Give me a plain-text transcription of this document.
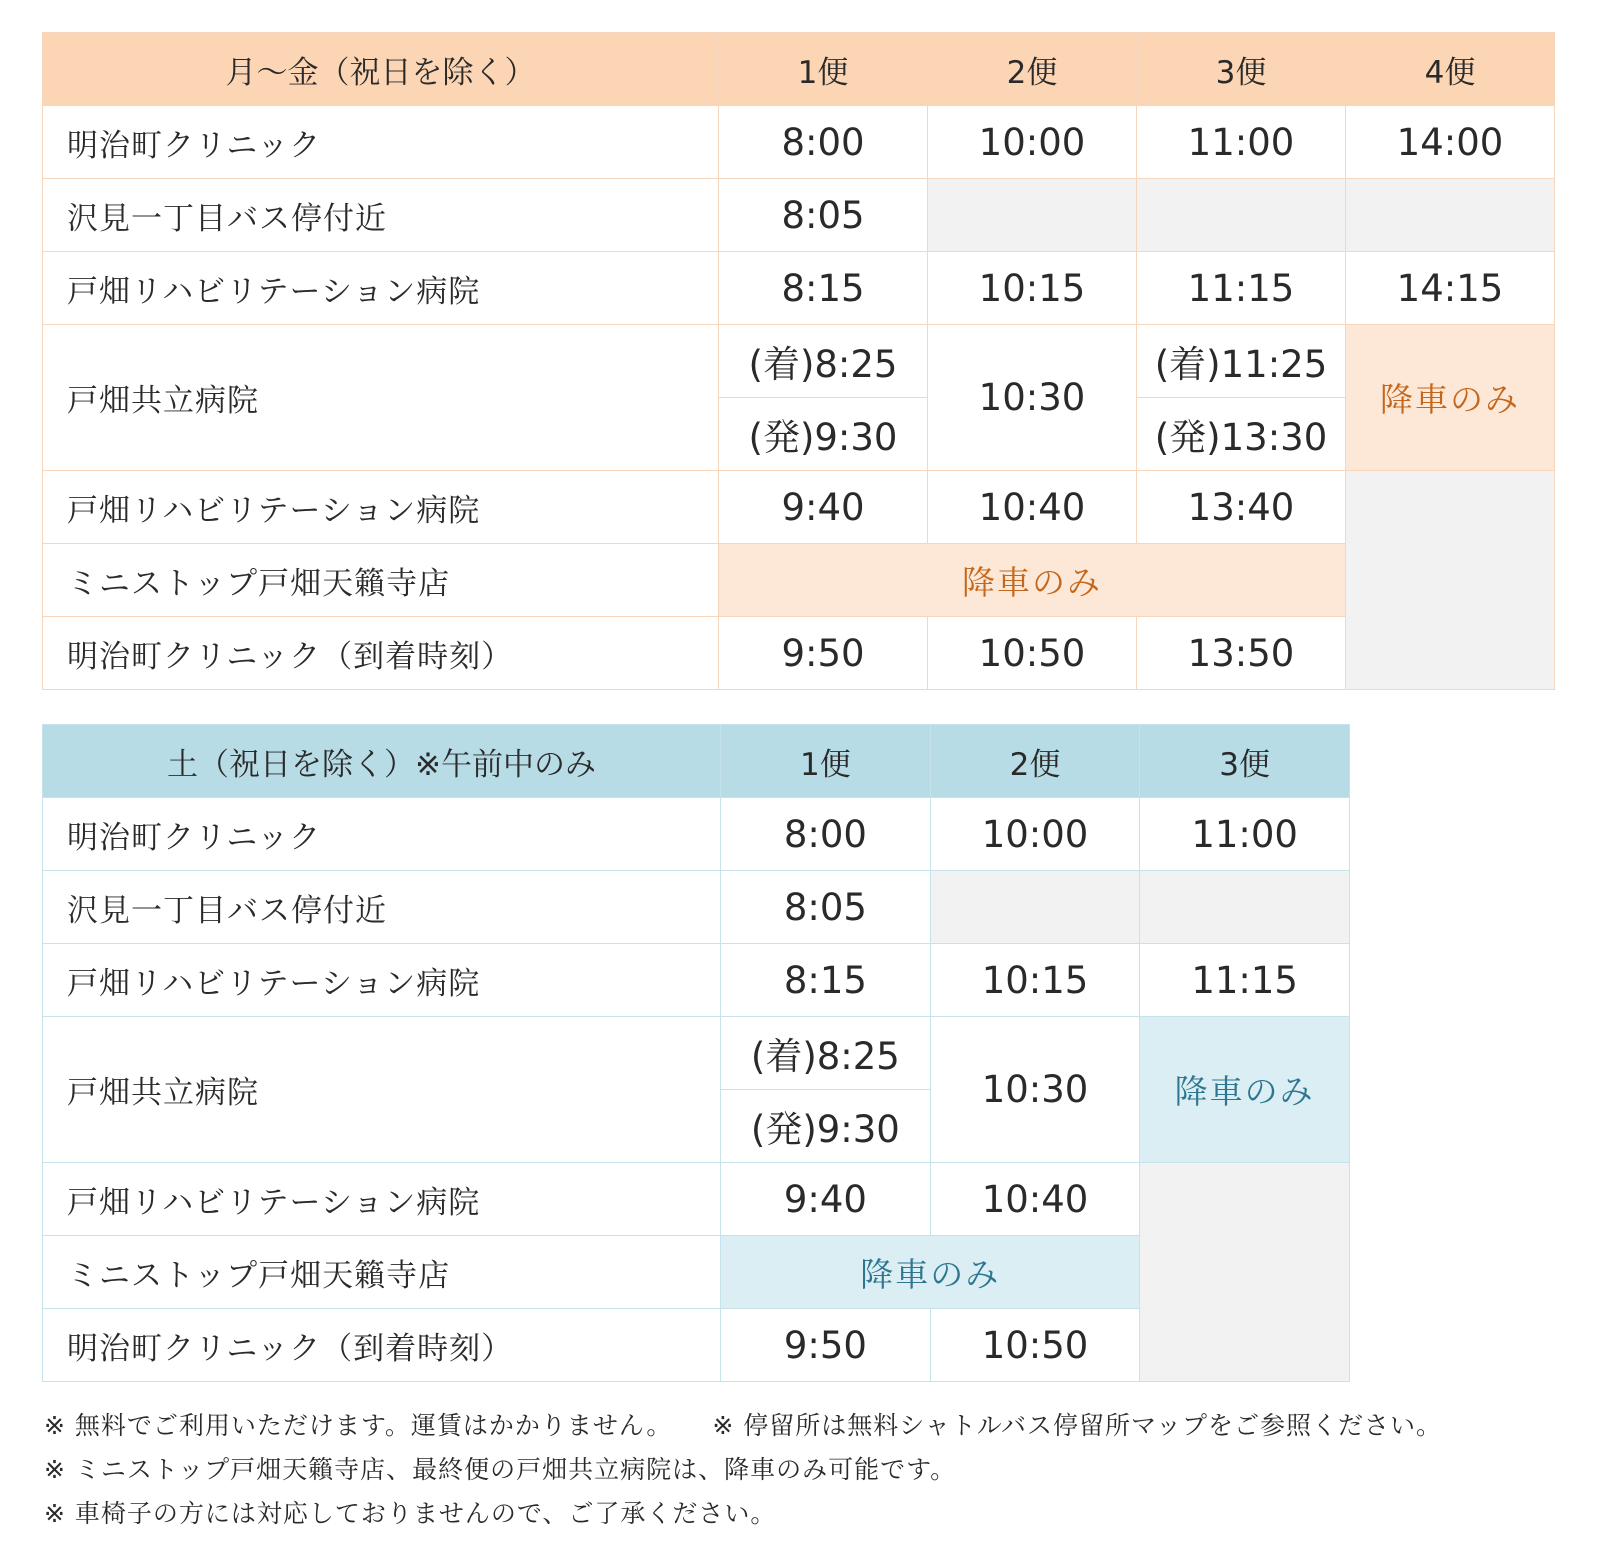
月〜金（祝日を除く）	1便	2便	3便	4便
明治町クリニック	8:00	10:00	11:00	14:00
沢見一丁目バス停付近	8:05			
戸畑リハビリテーション病院	8:15	10:15	11:15	14:15
戸畑共立病院	(着)8:25	10:30	(着)11:25	降車のみ
	(発)9:30		(発)13:30	
戸畑リハビリテーション病院	9:40	10:40	13:40	
ミニストップ戸畑天籟寺店	降車のみ			
明治町クリニック（到着時刻）	9:50	10:50	13:50	
土（祝日を除く）※午前中のみ	1便	2便	3便
明治町クリニック	8:00	10:00	11:00
沢見一丁目バス停付近	8:05		
戸畑リハビリテーション病院	8:15	10:15	11:15
戸畑共立病院	(着)8:25	10:30	降車のみ
	(発)9:30		
戸畑リハビリテーション病院	9:40	10:40	
ミニストップ戸畑天籟寺店	降車のみ		
明治町クリニック（到着時刻）	9:50	10:50	
※ 無料でご利用いただけます。運賃はかかりません。 ※ 停留所は無料シャトルバス停留所マップをご参照ください。
※ ミニストップ戸畑天籟寺店、最終便の戸畑共立病院は、降車のみ可能です。
※ 車椅子の方には対応しておりませんので、ご了承ください。
